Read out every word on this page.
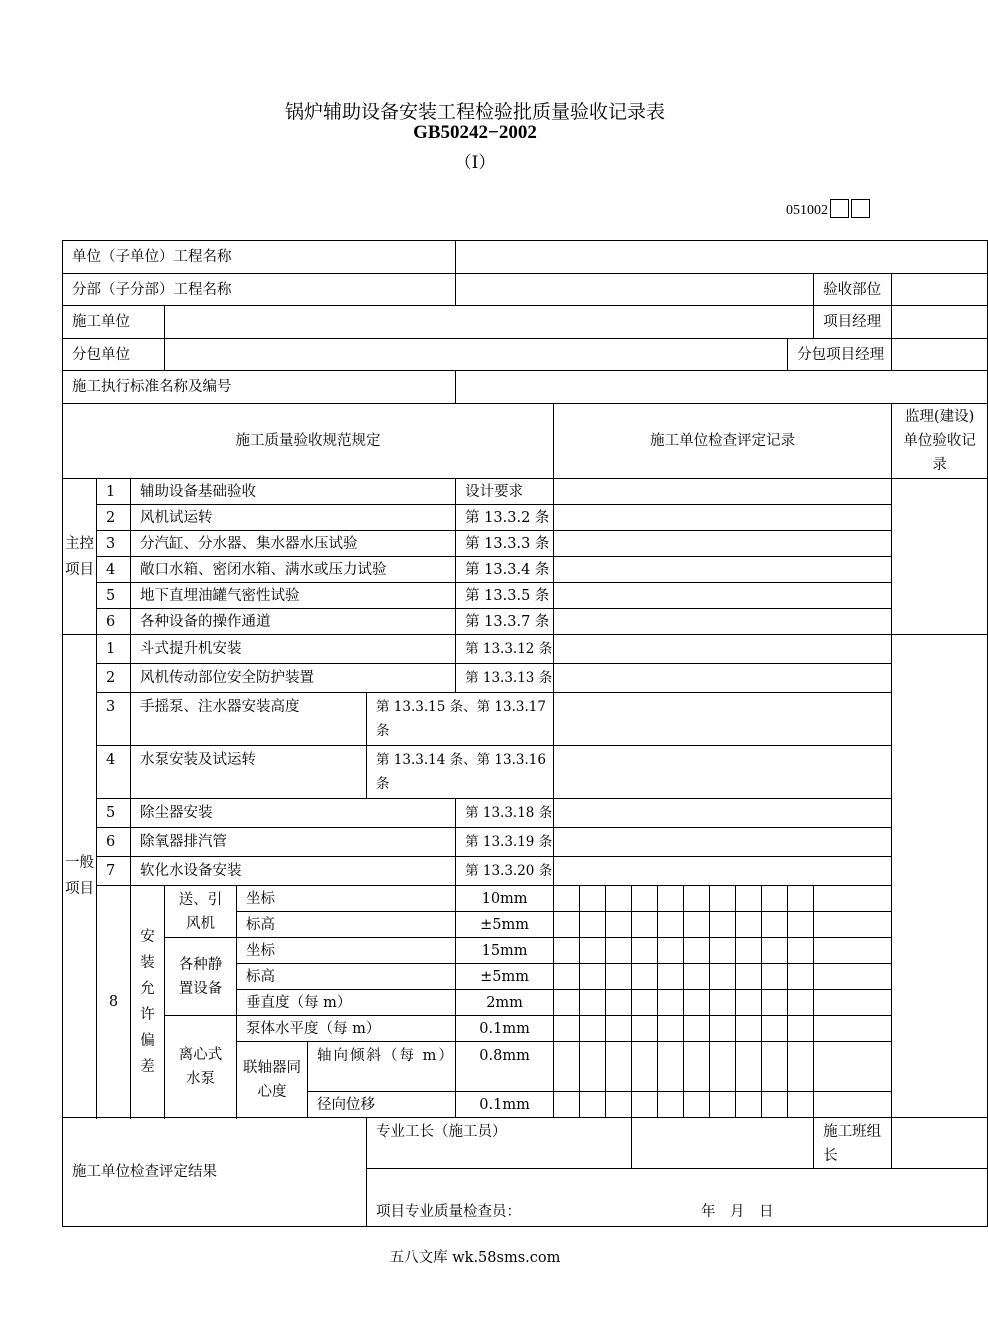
锅炉辅助设备安装工程检验批质量验收记录表
GB50242−2002
（Ⅰ）
051002
单位（子单位）工程名称																			
分部（子分部）工程名称																		验收部位	
施工单位																		项目经理	
分包单位																	分包项目经理		
施工执行标准名称及编号																			
施工质量验收规范规定								施工单位检查评定记录											监理(建设)单位验收记录
主控项目	1	辅助设备基础验收					设计要求												
	2	风机试运转					第 13.3.2 条												
	3	分汽缸、分水器、集水器水压试验					第 13.3.3 条												
	4	敞口水箱、密闭水箱、满水或压力试验					第 13.3.4 条												
	5	地下直埋油罐气密性试验					第 13.3.5 条												
	6	各种设备的操作通道					第 13.3.7 条												
一般项目	1	斗式提升机安装					第 13.3.12 条												
	2	风机传动部位安全防护装置					第 13.3.13 条												
	3	手摇泵、注水器安装高度				第 13.3.15 条、第 13.3.17 条													
	4	水泵安装及试运转				第 13.3.14 条、第 13.3.16 条													
	5	除尘器安装					第 13.3.18 条												
	6	除氧器排汽管					第 13.3.19 条												
	7	软化水设备安装					第 13.3.20 条												
	8	安装允许偏差	送、引风机	坐标			10mm												
				标高			±5mm												
			各种静置设备	坐标			15mm												
				标高			±5mm												
				垂直度（每 m）			2mm												
			离心式水泵	泵体水平度（每 m）			0.1mm												
				联轴器同心度	轴向倾斜（每 m）		0.8mm												

					径向位移		0.1mm												

施工单位检查评定结果						专业工长（施工员）												施工班组长	
						项目专业质量检查员： 年　月　日													
五八文库 wk.58sms.com
